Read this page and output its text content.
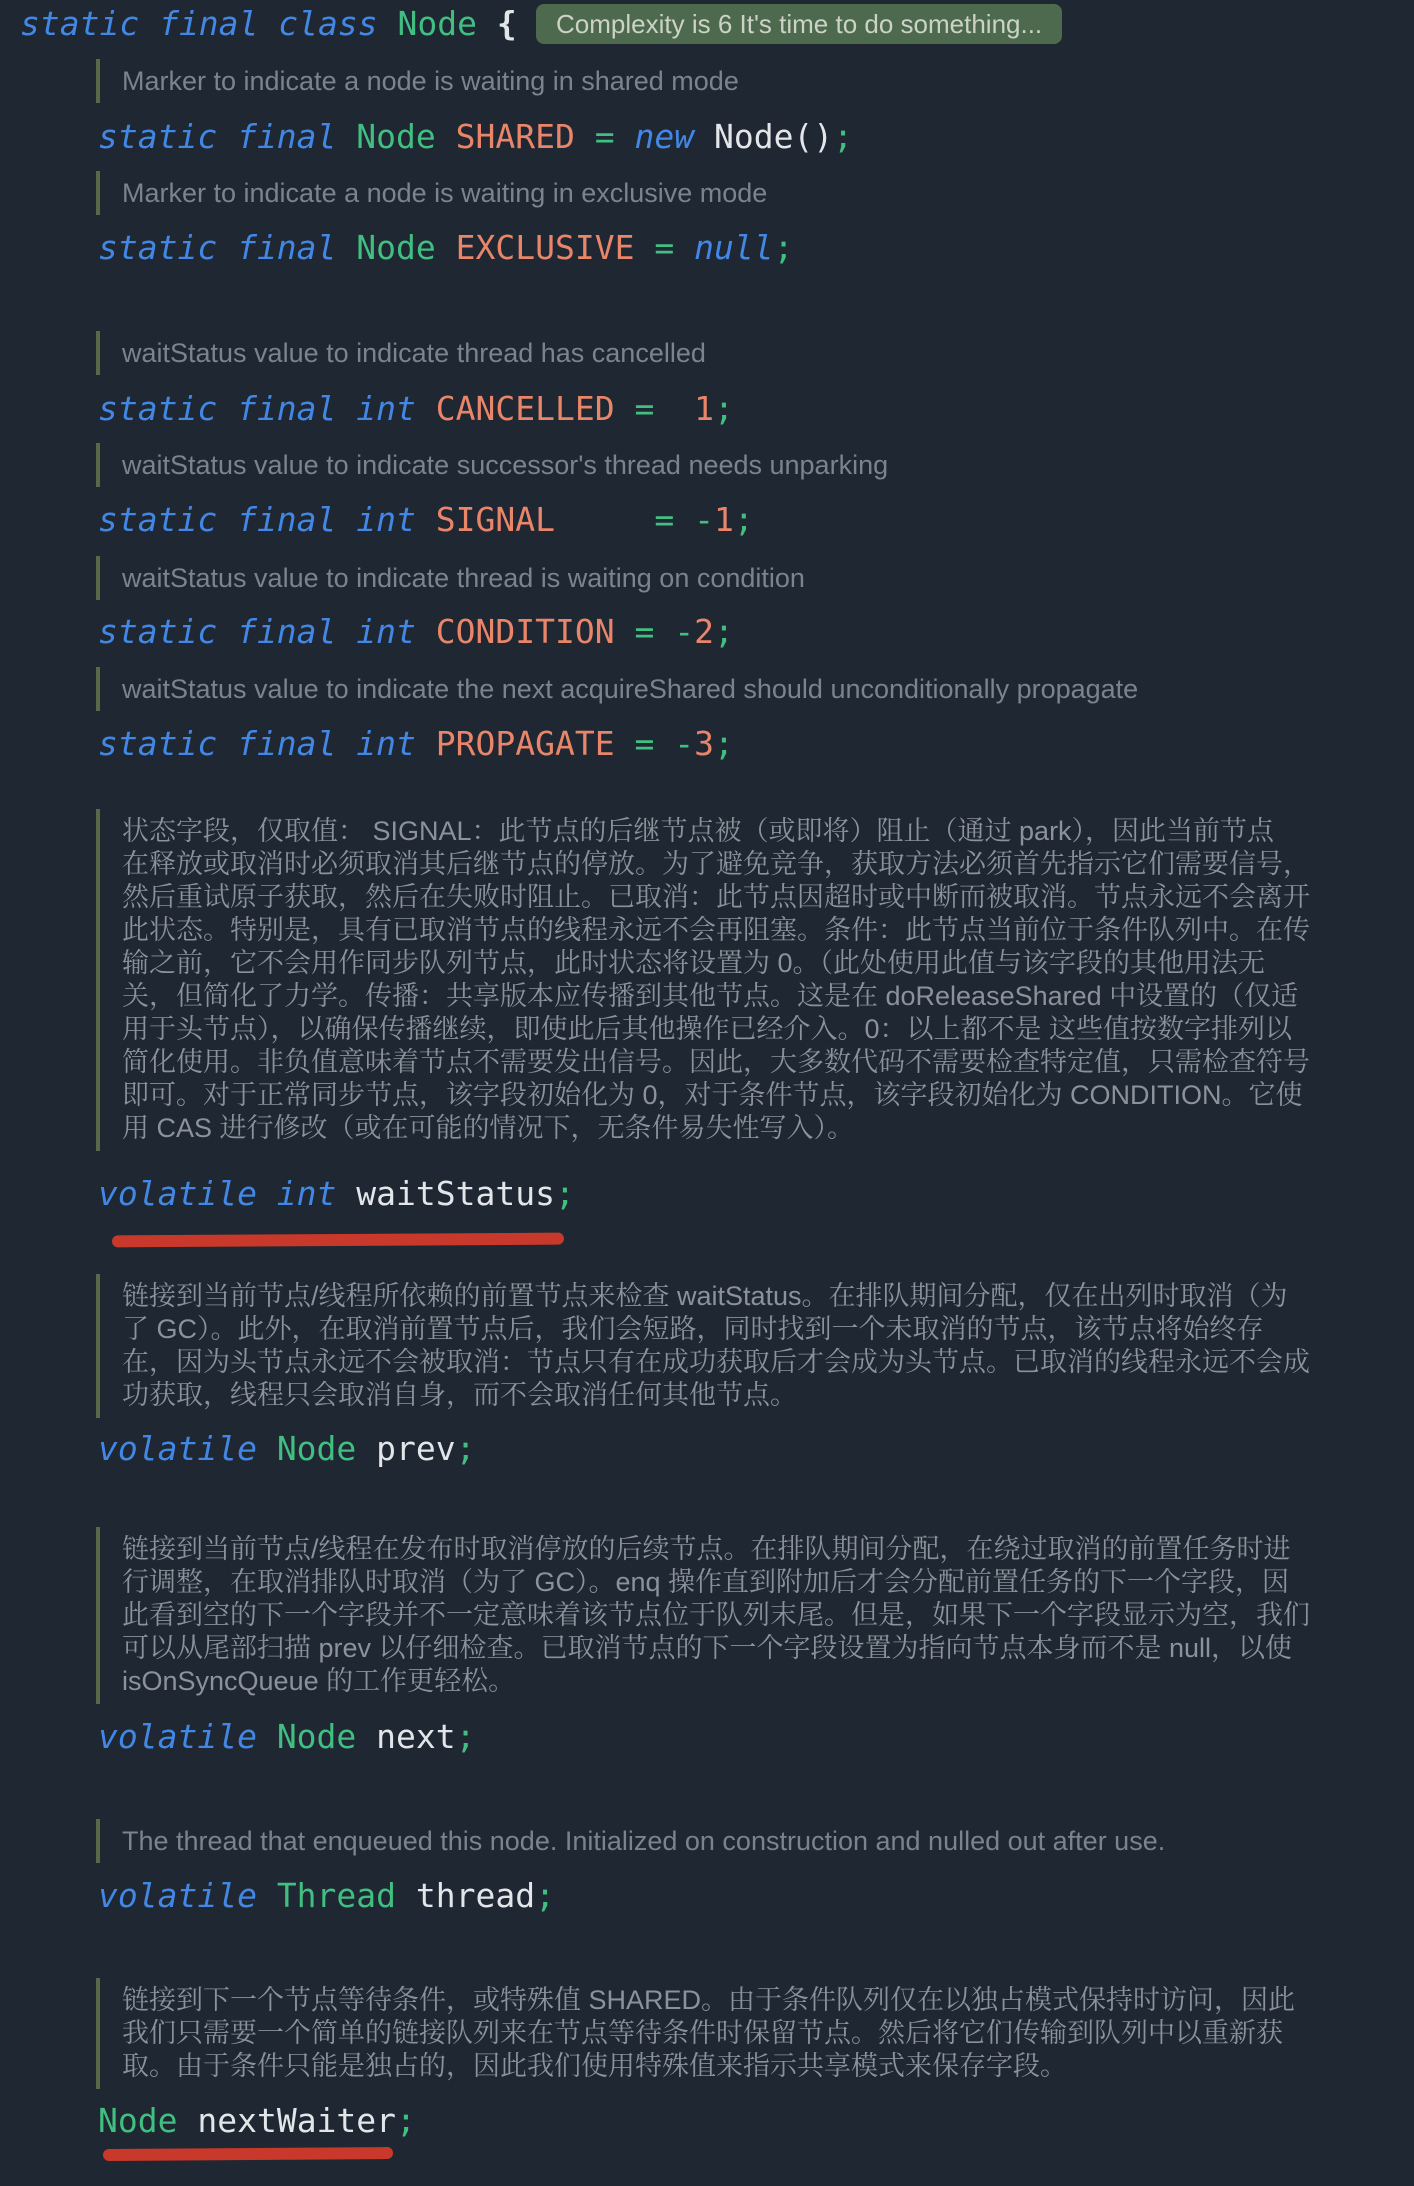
static final class Node {	Complexity is 6 It's time to do something...
Marker to indicate a node is waiting in shared mode
static final Node SHARED = new Node();
Marker to indicate a node is waiting in exclusive mode
static final Node EXCLUSIVE = null;
waitStatus value to indicate thread has cancelled
static final int CANCELLED = 1;
waitStatus value to indicate successor's thread needs unparking
static final int SIGNAL	= -1;
waitStatus value to indicate thread is waiting on condition
static final int CONDITION = -2;
waitStatus value to indicate the next acquireShared should unconditionally propagate
static final int PROPAGATE = -3;
状态字段，仅取值： SIGNAL：此节点的后继节点被（或即将）阻止（通过 park），因此当前节点
在释放或取消时必须取消其后继节点的停放。为了避免竞争，获取方法必须首先指示它们需要信号，
然后重试原子获取，然后在失败时阻止。已取消：此节点因超时或中断而被取消。节点永远不会离开
此状态。特别是，具有已取消节点的线程永远不会再阻塞。条件：此节点当前位于条件队列中。在传
输之前，它不会用作同步队列节点，此时状态将设置为 0。（此处使用此值与该字段的其他用法无
关，但简化了力学。传播：共享版本应传播到其他节点。这是在 doReleaseShared 中设置的（仅适
用于头节点），以确保传播继续，即使此后其他操作已经介入。0：以上都不是 这些值按数字排列以
简化使用。非负值意味着节点不需要发出信号。因此，大多数代码不需要检查特定值，只需检查符号
即可。对于正常同步节点，该字段初始化为 0，对于条件节点，该字段初始化为 CONDITION。它使
用 CAS 进行修改（或在可能的情况下，无条件易失性写入）。
volatile int waitStatus;
链接到当前节点/线程所依赖的前置节点来检查 waitStatus。在排队期间分配，仅在出列时取消（为
了 GC）。此外，在取消前置节点后，我们会短路，同时找到一个未取消的节点，该节点将始终存
在，因为头节点永远不会被取消：节点只有在成功获取后才会成为头节点。已取消的线程永远不会成
功获取，线程只会取消自身，而不会取消任何其他节点。
volatile Node prev;
链接到当前节点/线程在发布时取消停放的后续节点。在排队期间分配，在绕过取消的前置任务时进
行调整，在取消排队时取消（为了 GC）。enq 操作直到附加后才会分配前置任务的下一个字段，因
此看到空的下一个字段并不一定意味着该节点位于队列末尾。但是，如果下一个字段显示为空，我们
可以从尾部扫描 prev 以仔细检查。已取消节点的下一个字段设置为指向节点本身而不是 null，以使
isOnSyncQueue 的工作更轻松。
volatile Node next;
The thread that enqueued this node. Initialized on construction and nulled out after use.
volatile Thread thread;
链接到下一个节点等待条件，或特殊值 SHARED。由于条件队列仅在以独占模式保持时访问，因此
我们只需要一个简单的链接队列来在节点等待条件时保留节点。然后将它们传输到队列中以重新获
取。由于条件只能是独占的，因此我们使用特殊值来指示共享模式来保存字段。
Node nextWaiter;
